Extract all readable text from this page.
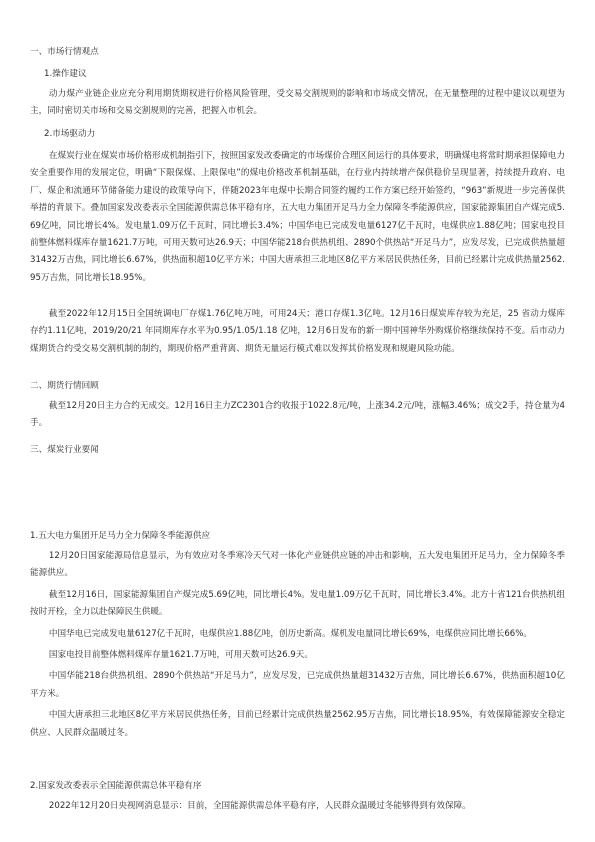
一、市场行情观点

1.操作建议

动力煤产业链企业应充分利用期货期权进行价格风险管理，受交易交割规则的影响和市场成交情况，在无量整理的过程中建议以观望为主，同时密切关市场和交易交割规则的完善，把握入市机会。

2.市场驱动力

在煤炭行业在煤炭市场价格形成机制指引下，按照国家发改委确定的市场煤价合理区间运行的具体要求，明确煤电将常时期承担保障电力安全重要作用的发展定位，明确“下限保煤、上限保电”的煤电价格改革机制基础，在行业内持续增产保供稳价呈现显著，持续提升政府、电厂、煤企和流通环节储备能力建设的政策导向下，伴随2023年电煤中长期合同签约履约工作方案已经开始签约，“963”新规进一步完善保供举措的背景下。叠加国家发改委表示全国能源供需总体平稳有序，五大电力集团开足马力全力保障冬季能源供应，国家能源集团自产煤完成5.69亿吨，同比增长4%。发电量1.09万亿千瓦时，同比增长3.4%；中国华电已完成发电量6127亿千瓦时，电煤供应1.88亿吨；国家电投目前整体燃料煤库存量1621.7万吨，可用天数可达26.9天；中国华能218台供热机组、2890个供热站“开足马力”，应发尽发，已完成供热量超31432万吉焦，同比增长6.67%，供热面积超10亿平方米；中国大唐承担三北地区8亿平方米居民供热任务，目前已经累计完成供热量2562.95万吉焦，同比增长18.95%。

截至2022年12月15日全国统调电厂存煤1.76亿吨万吨，可用24天；港口存煤1.3亿吨。12月16日煤炭库存较为充足，25 省动力煤库存约1.11亿吨，2019/20/21 年同期库存水平为0.95/1.05/1.18 亿吨，12月6日发布的新一期中国神华外购煤价格继续保持不变。后市动力煤期货合约受交易交割机制的制约，期现价格严重背离、期货无量运行模式难以发挥其价格发现和规避风险功能。

二、期货行情回顾

截至12月20日主力合约无成交。12月16日主力ZC2301合约收报于1022.8元/吨，上涨34.2元/吨，涨幅3.46%；成交2手，持仓量为4手。

三、煤炭行业要闻

1.五大电力集团开足马力全力保障冬季能源供应

12月20日国家能源局信息显示，为有效应对冬季寒冷天气对一体化产业链供应链的冲击和影响，五大发电集团开足马力，全力保障冬季能源供应。

截至12月16日，国家能源集团自产煤完成5.69亿吨，同比增长4%。发电量1.09万亿千瓦时，同比增长3.4%。北方十省121台供热机组按时开栓，全力以赴保障民生供暖。

中国华电已完成发电量6127亿千瓦时，电煤供应1.88亿吨，创历史新高。煤机发电量同比增长69%，电煤供应同比增长66%。

国家电投目前整体燃料煤库存量1621.7万吨，可用天数可达26.9天。

中国华能218台供热机组、2890个供热站“开足马力”，应发尽发，已完成供热量超31432万吉焦，同比增长6.67%，供热面积超10亿平方米。

中国大唐承担三北地区8亿平方米居民供热任务，目前已经累计完成供热量2562.95万吉焦，同比增长18.95%，有效保障能源安全稳定供应、人民群众温暖过冬。

2.国家发改委表示全国能源供需总体平稳有序

2022年12月20日央视网消息显示：目前，全国能源供需总体平稳有序，人民群众温暖过冬能够得到有效保障。
